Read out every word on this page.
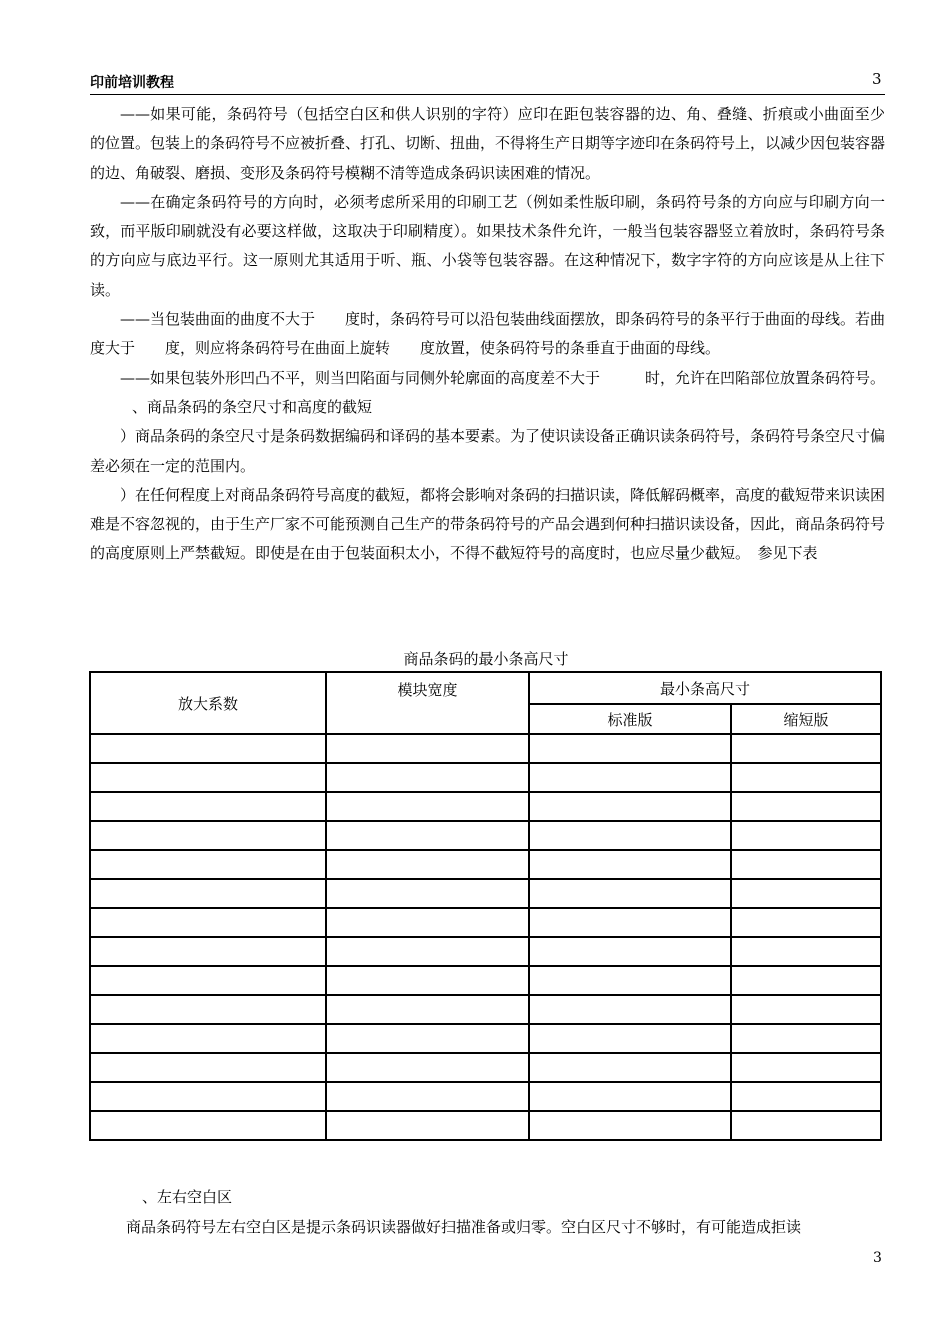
印前培训教程	3

——如果可能，条码符号（包括空白区和供人识别的字符）应印在距包装容器的边、角、叠缝、折痕或小曲面至少　　的位置。包装上的条码符号不应被折叠、打孔、切断、扭曲，不得将生产日期等字迹印在条码符号上，以减少因包装容器的边、角破裂、磨损、变形及条码符号模糊不清等造成条码识读困难的情况。

——在确定条码符号的方向时，必须考虑所采用的印刷工艺（例如柔性版印刷，条码符号条的方向应与印刷方向一致，而平版印刷就没有必要这样做，这取决于印刷精度）。如果技术条件允许，一般当包装容器竖立着放时，条码符号条的方向应与底边平行。这一原则尤其适用于听、瓶、小袋等包装容器。在这种情况下，数字字符的方向应该是从上往下读。

——当包装曲面的曲度不大于　　度时，条码符号可以沿包装曲线面摆放，即条码符号的条平行于曲面的母线。若曲度大于　　度，则应将条码符号在曲面上旋转　　度放置，使条码符号的条垂直于曲面的母线。

——如果包装外形凹凸不平，则当凹陷面与同侧外轮廓面的高度差不大于　　　时，允许在凹陷部位放置条码符号。

、商品条码的条空尺寸和高度的截短

）商品条码的条空尺寸是条码数据编码和译码的基本要素。为了使识读设备正确识读条码符号，条码符号条空尺寸偏差必须在一定的范围内。

）在任何程度上对商品条码符号高度的截短，都将会影响对条码的扫描识读，降低解码概率，高度的截短带来识读困难是不容忽视的，由于生产厂家不可能预测自己生产的带条码符号的产品会遇到何种扫描识读设备，因此，商品条码符号的高度原则上严禁截短。即使是在由于包装面积太小，不得不截短符号的高度时，也应尽量少截短。　参见下表

商品条码的最小条高尺寸
放大系数	模块宽度	最小条高尺寸	
		标准版	缩短版

、左右空白区

商品条码符号左右空白区是提示条码识读器做好扫描准备或归零。空白区尺寸不够时，有可能造成拒读

3
